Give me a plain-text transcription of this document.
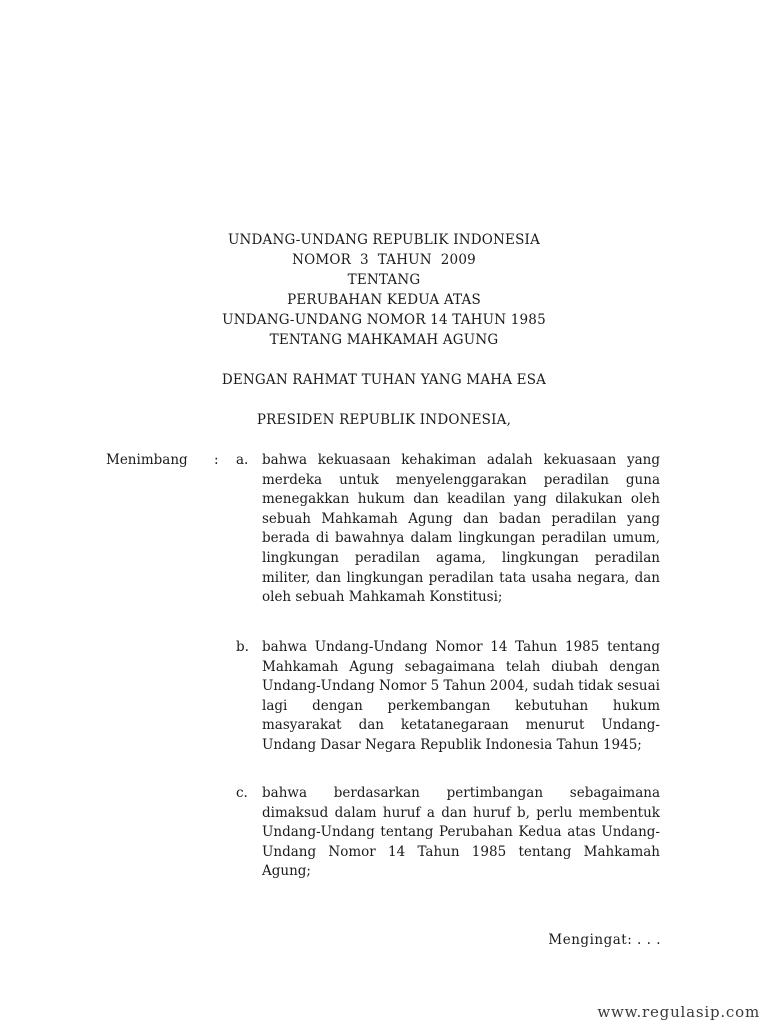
UNDANG-UNDANG REPUBLIK INDONESIA
NOMOR  3  TAHUN  2009
TENTANG
PERUBAHAN KEDUA ATAS
UNDANG-UNDANG NOMOR 14 TAHUN 1985
TENTANG MAHKAMAH AGUNG
DENGAN RAHMAT TUHAN YANG MAHA ESA
PRESIDEN REPUBLIK INDONESIA,
Menimbang : a. bahwa kekuasaan kehakiman adalah kekuasaan yang merdeka untuk menyelenggarakan peradilan guna menegakkan hukum dan keadilan yang dilakukan oleh sebuah Mahkamah Agung dan badan peradilan yang berada di bawahnya dalam lingkungan peradilan umum, lingkungan peradilan agama, lingkungan peradilan militer, dan lingkungan peradilan tata usaha negara, dan oleh sebuah Mahkamah Konstitusi;
b. bahwa Undang-Undang Nomor 14 Tahun 1985 tentang Mahkamah Agung sebagaimana telah diubah dengan Undang-Undang Nomor 5 Tahun 2004, sudah tidak sesuai lagi dengan perkembangan kebutuhan hukum masyarakat dan ketatanegaraan menurut Undang-Undang Dasar Negara Republik Indonesia Tahun 1945;
c. bahwa berdasarkan pertimbangan sebagaimana dimaksud dalam huruf a dan huruf b, perlu membentuk Undang-Undang tentang Perubahan Kedua atas Undang-Undang Nomor 14 Tahun 1985 tentang Mahkamah Agung;
Mengingat: . . .
www.regulasip.com
